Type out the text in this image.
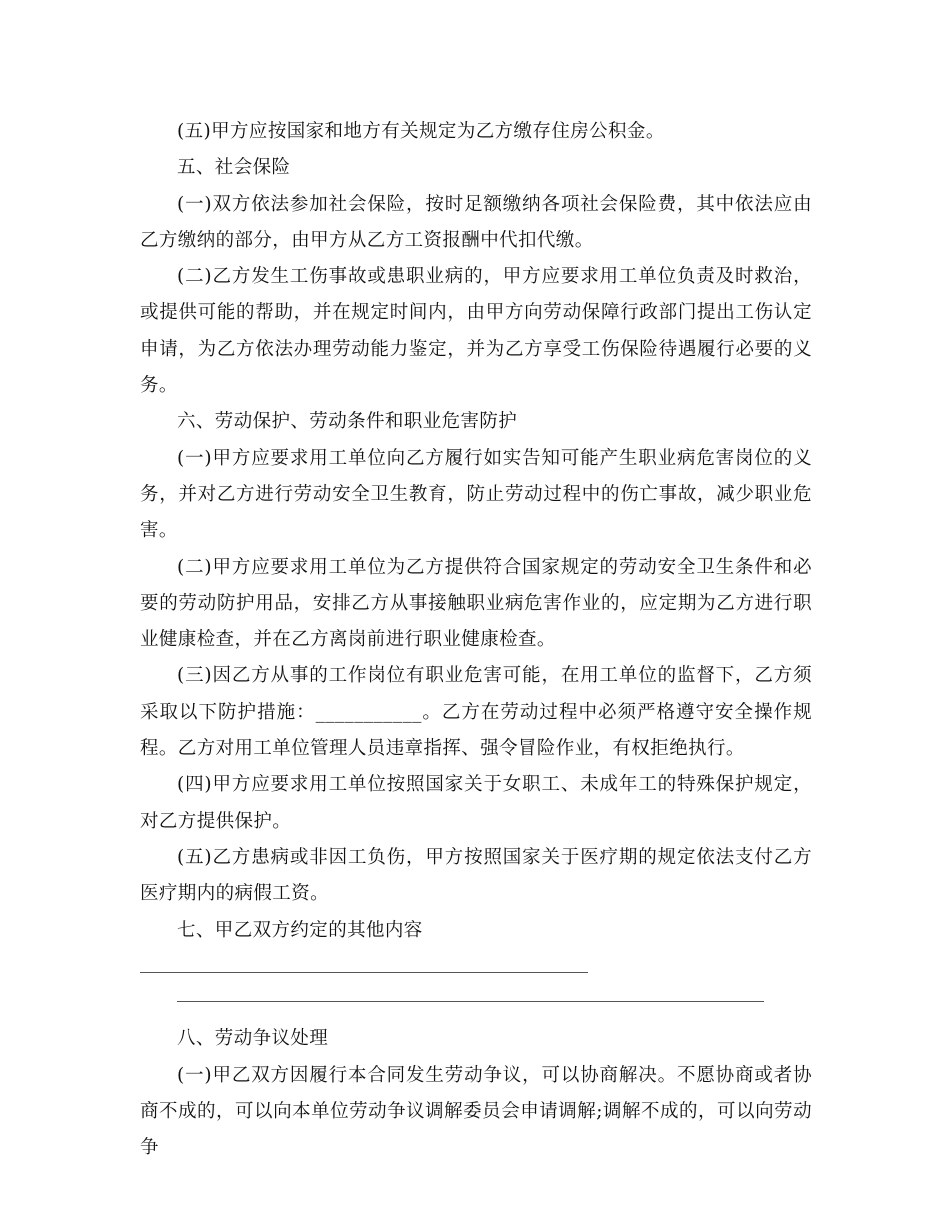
(五)甲方应按国家和地方有关规定为乙方缴存住房公积金。

五、社会保险

(一)双方依法参加社会保险，按时足额缴纳各项社会保险费，其中依法应由乙方缴纳的部分，由甲方从乙方工资报酬中代扣代缴。

(二)乙方发生工伤事故或患职业病的，甲方应要求用工单位负责及时救治，或提供可能的帮助，并在规定时间内，由甲方向劳动保障行政部门提出工伤认定申请，为乙方依法办理劳动能力鉴定，并为乙方享受工伤保险待遇履行必要的义务。

六、劳动保护、劳动条件和职业危害防护

(一)甲方应要求用工单位向乙方履行如实告知可能产生职业病危害岗位的义务，并对乙方进行劳动安全卫生教育，防止劳动过程中的伤亡事故，减少职业危害。

(二)甲方应要求用工单位为乙方提供符合国家规定的劳动安全卫生条件和必要的劳动防护用品，安排乙方从事接触职业病危害作业的，应定期为乙方进行职业健康检查，并在乙方离岗前进行职业健康检查。

(三)因乙方从事的工作岗位有职业危害可能，在用工单位的监督下，乙方须采取以下防护措施：___________。乙方在劳动过程中必须严格遵守安全操作规程。乙方对用工单位管理人员违章指挥、强令冒险作业，有权拒绝执行。

(四)甲方应要求用工单位按照国家关于女职工、未成年工的特殊保护规定，对乙方提供保护。

(五)乙方患病或非因工负伤，甲方按照国家关于医疗期的规定依法支付乙方医疗期内的病假工资。

七、甲乙双方约定的其他内容

八、劳动争议处理

(一)甲乙双方因履行本合同发生劳动争议，可以协商解决。不愿协商或者协商不成的，可以向本单位劳动争议调解委员会申请调解;调解不成的，可以向劳动争
